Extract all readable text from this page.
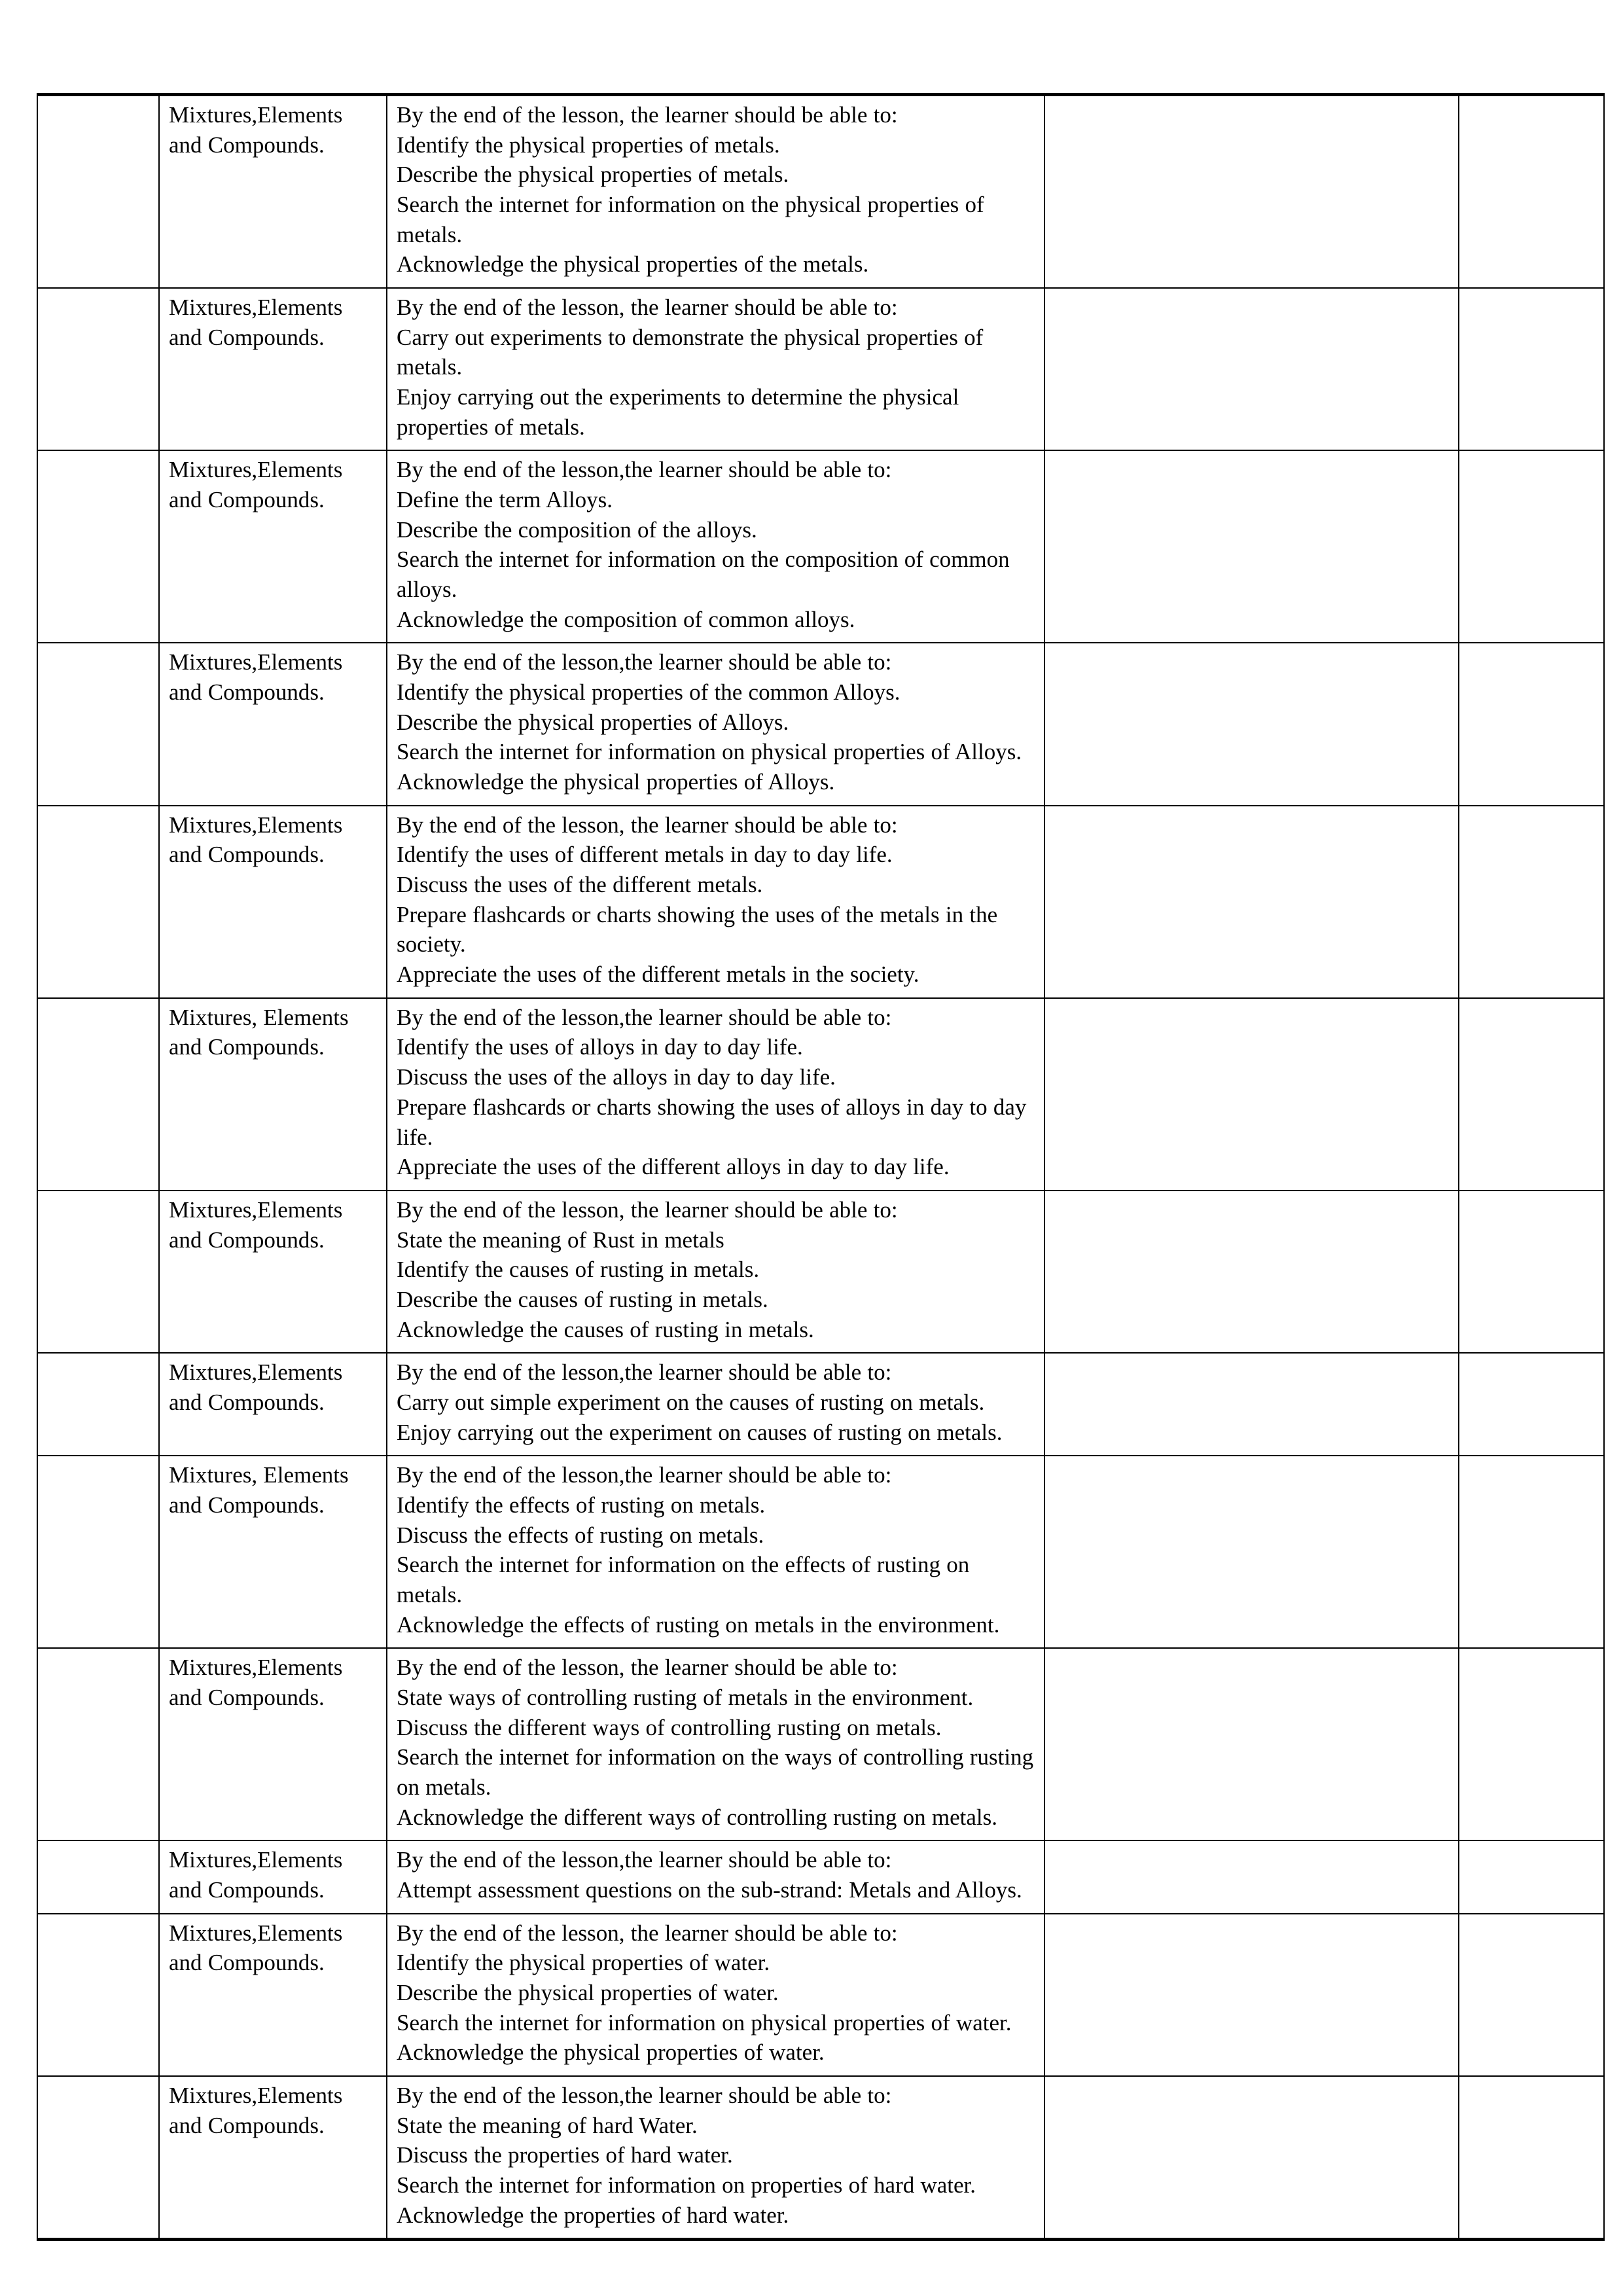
	Mixtures,Elements and Compounds.	By the end of the lesson, the learner should be able to:
Identify the physical properties of metals.
Describe the physical properties of metals.
Search the internet for information on the physical properties of metals.
Acknowledge the physical properties of the metals.		

	Mixtures,Elements and Compounds.	By the end of the lesson, the learner should be able to:
Carry out experiments to demonstrate the physical properties of metals.
Enjoy carrying out the experiments to determine the physical properties of metals.		

	Mixtures,Elements and Compounds.	By the end of the lesson,the learner should be able to:
Define the term Alloys.
Describe the composition of the alloys.
Search the internet for information on the composition of common alloys.
Acknowledge the composition of common alloys.		

	Mixtures,Elements and Compounds.	By the end of the lesson,the learner should be able to:
Identify the physical properties of the common Alloys.
Describe the physical properties of Alloys.
Search the internet for information on physical properties of Alloys.
Acknowledge the physical properties of Alloys.		

	Mixtures,Elements and Compounds.	By the end of the lesson, the learner should be able to:
Identify the uses of different metals in day to day life.
Discuss the uses of the different metals.
Prepare flashcards or charts showing the uses of the metals in the society.
Appreciate the uses of the different metals in the society.		

	Mixtures, Elements and Compounds.	By the end of the lesson,the learner should be able to:
Identify the uses of alloys in day to day life.
Discuss the uses of the alloys in day to day life.
Prepare flashcards or charts showing the uses of alloys in day to day life.
Appreciate the uses of the different alloys in day to day life.		

	Mixtures,Elements and Compounds.	By the end of the lesson, the learner should be able to:
State the meaning of Rust in metals
Identify the causes of rusting in metals.
Describe the causes of rusting in metals.
Acknowledge the causes of rusting in metals.		

	Mixtures,Elements and Compounds.	By the end of the lesson,the learner should be able to:
Carry out simple experiment on the causes of rusting on metals.
Enjoy carrying out the experiment on causes of rusting on metals.		

	Mixtures, Elements and Compounds.	By the end of the lesson,the learner should be able to:
Identify the effects of rusting on metals.
Discuss the effects of rusting on metals.
Search the internet for information on the effects of rusting on metals.
Acknowledge the effects of rusting on metals in the environment.		

	Mixtures,Elements and Compounds.	By the end of the lesson, the learner should be able to:
State ways of controlling rusting of metals in the environment.
Discuss the different ways of controlling rusting on metals.
Search the internet for information on the ways of controlling rusting on metals.
Acknowledge the different ways of controlling rusting on metals.		

	Mixtures,Elements and Compounds.	By the end of the lesson,the learner should be able to:
Attempt assessment questions on the sub-strand: Metals and Alloys.		

	Mixtures,Elements and Compounds.	By the end of the lesson, the learner should be able to:
Identify the physical properties of water.
Describe the physical properties of water.
Search the internet for information on physical properties of water.
Acknowledge the physical properties of water.		

	Mixtures,Elements and Compounds.	By the end of the lesson,the learner should be able to:
State the meaning of hard Water.
Discuss the properties of hard water.
Search the internet for information on properties of hard water.
Acknowledge the properties of hard water.		
